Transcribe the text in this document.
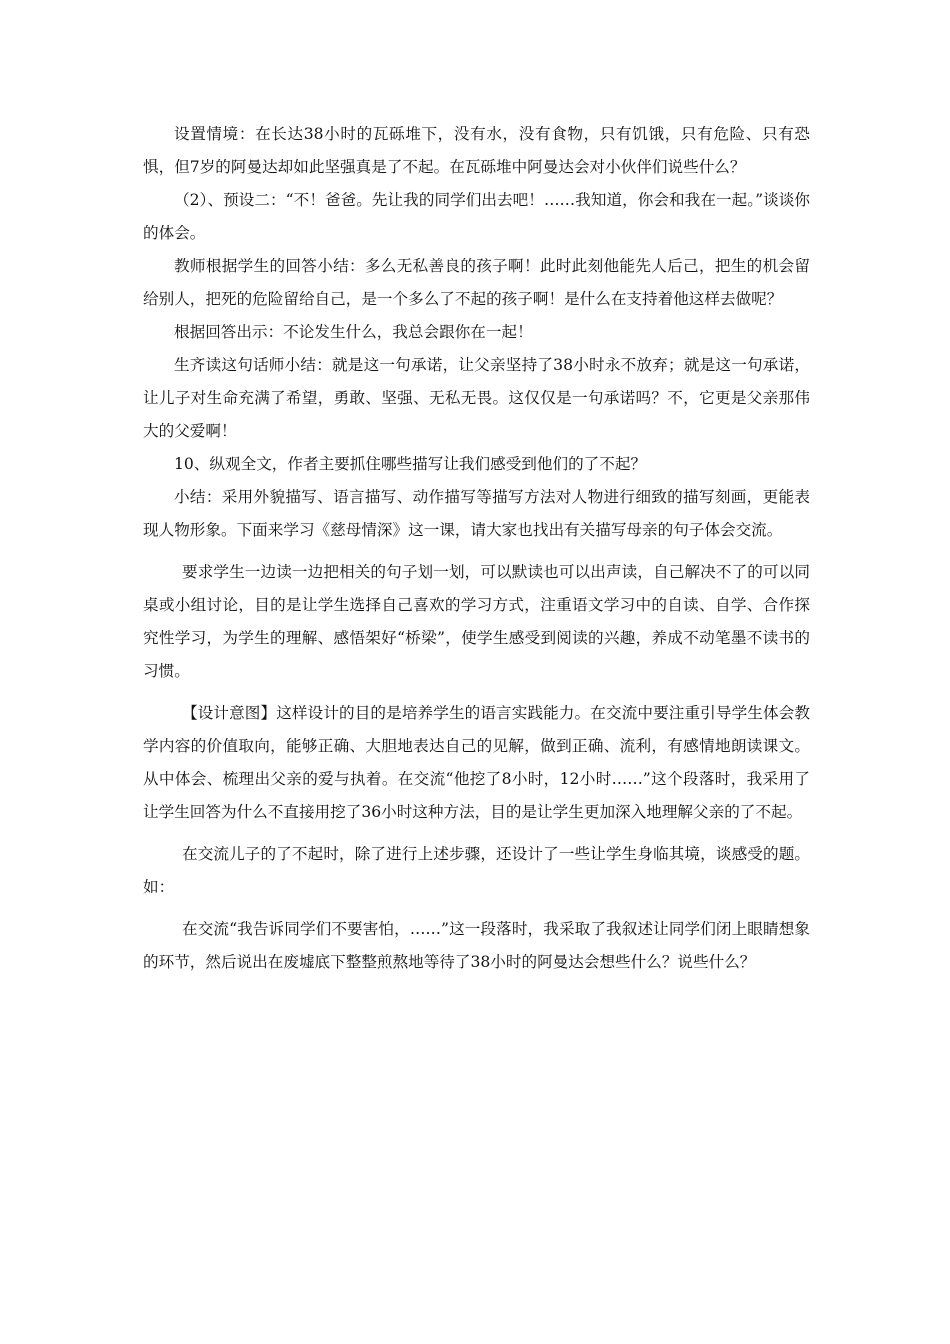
设置情境：在长达38小时的瓦砾堆下，没有水，没有食物，只有饥饿，只有危险、只有恐惧，但7岁的阿曼达却如此坚强真是了不起。在瓦砾堆中阿曼达会对小伙伴们说些什么？

（2）、预设二：“不！爸爸。先让我的同学们出去吧！……我知道，你会和我在一起。”谈谈你的体会。

教师根据学生的回答小结：多么无私善良的孩子啊！此时此刻他能先人后己，把生的机会留给别人，把死的危险留给自己，是一个多么了不起的孩子啊！是什么在支持着他这样去做呢？

根据回答出示：不论发生什么，我总会跟你在一起！

生齐读这句话师小结：就是这一句承诺，让父亲坚持了38小时永不放弃；就是这一句承诺，让儿子对生命充满了希望，勇敢、坚强、无私无畏。这仅仅是一句承诺吗？不，它更是父亲那伟大的父爱啊！

10、纵观全文，作者主要抓住哪些描写让我们感受到他们的了不起？

小结：采用外貌描写、语言描写、动作描写等描写方法对人物进行细致的描写刻画，更能表现人物形象。下面来学习《慈母情深》这一课，请大家也找出有关描写母亲的句子体会交流。

要求学生一边读一边把相关的句子划一划，可以默读也可以出声读，自己解决不了的可以同桌或小组讨论，目的是让学生选择自己喜欢的学习方式，注重语文学习中的自读、自学、合作探究性学习，为学生的理解、感悟架好“桥梁”，使学生感受到阅读的兴趣，养成不动笔墨不读书的习惯。

【设计意图】这样设计的目的是培养学生的语言实践能力。在交流中要注重引导学生体会教学内容的价值取向，能够正确、大胆地表达自己的见解，做到正确、流利，有感情地朗读课文。从中体会、梳理出父亲的爱与执着。在交流“他挖了8小时，12小时……”这个段落时，我采用了让学生回答为什么不直接用挖了36小时这种方法，目的是让学生更加深入地理解父亲的了不起。

在交流儿子的了不起时，除了进行上述步骤，还设计了一些让学生身临其境，谈感受的题。如：

在交流“我告诉同学们不要害怕，……”这一段落时，我采取了我叙述让同学们闭上眼睛想象的环节，然后说出在废墟底下整整煎熬地等待了38小时的阿曼达会想些什么？说些什么？
